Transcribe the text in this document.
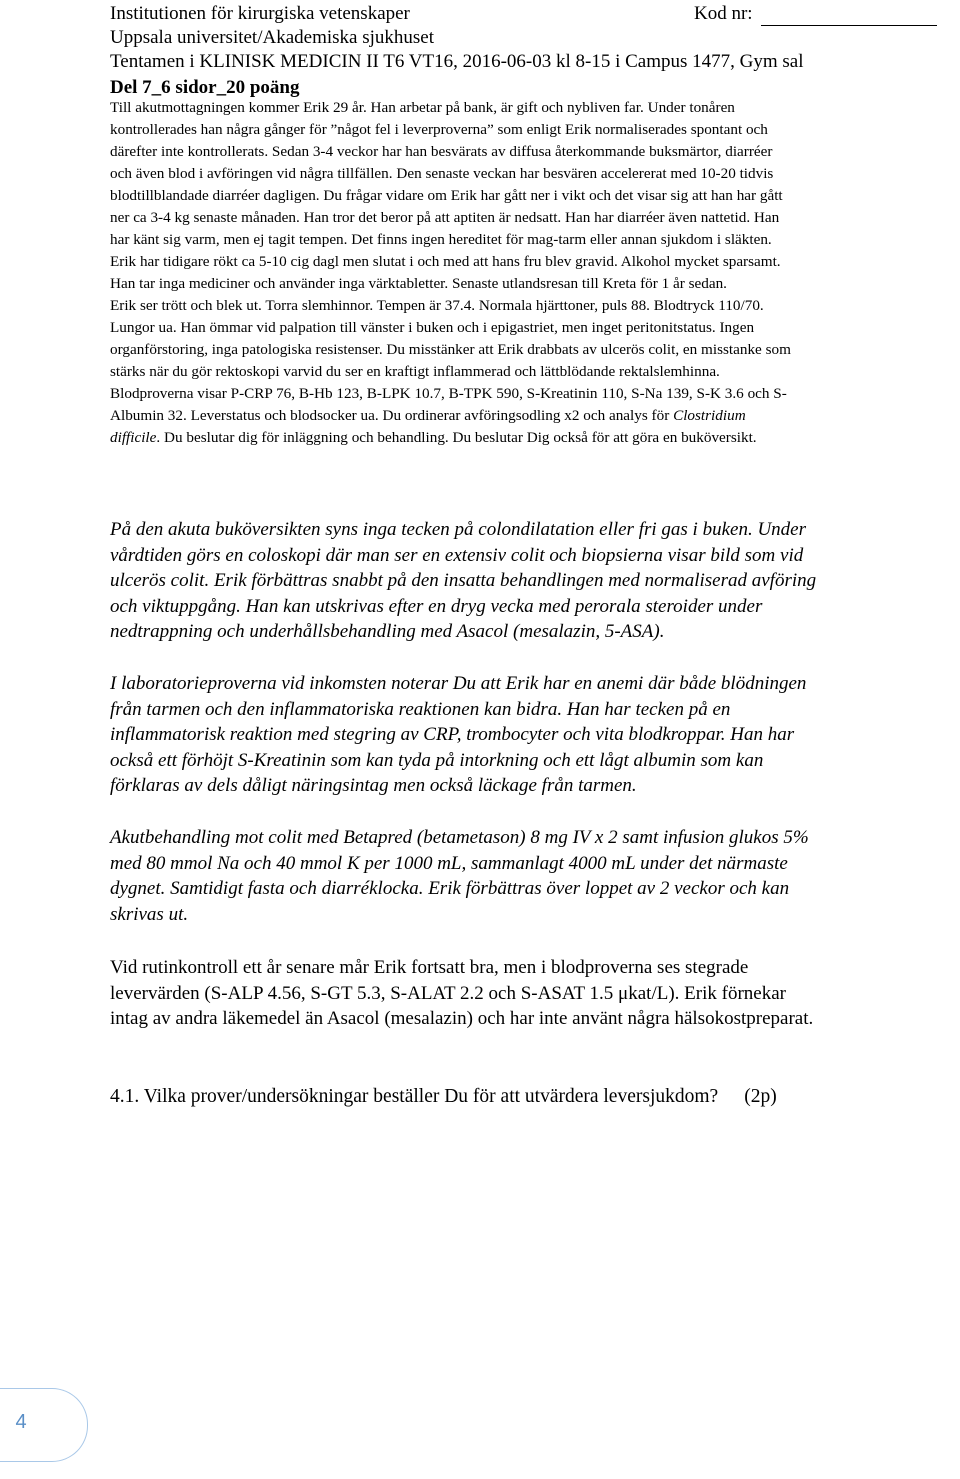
Institutionen för kirurgiska vetenskaper	Kod nr:
Uppsala universitet/Akademiska sjukhuset
Tentamen i KLINISK MEDICIN II T6 VT16, 2016-06-03 kl 8-15 i Campus 1477, Gym sal
Del 7_6 sidor_20 poäng

Till akutmottagningen kommer Erik 29 år. Han arbetar på bank, är gift och nybliven far. Under tonåren

kontrollerades han några gånger för ”något fel i leverproverna” som enligt Erik normaliserades spontant och

därefter inte kontrollerats. Sedan 3-4 veckor har han besvärats av diffusa återkommande buksmärtor, diarréer

och även blod i avföringen vid några tillfällen. Den senaste veckan har besvären accelererat med 10-20 tidvis

blodtillblandade diarréer dagligen. Du frågar vidare om Erik har gått ner i vikt och det visar sig att han har gått

ner ca 3-4 kg senaste månaden. Han tror det beror på att aptiten är nedsatt. Han har diarréer även nattetid. Han

har känt sig varm, men ej tagit tempen. Det finns ingen hereditet för mag-tarm eller annan sjukdom i släkten.

Erik har tidigare rökt ca 5-10 cig dagl men slutat i och med att hans fru blev gravid. Alkohol mycket sparsamt.

Han tar inga mediciner och använder inga värktabletter. Senaste utlandsresan till Kreta för 1 år sedan.

Erik ser trött och blek ut. Torra slemhinnor. Tempen är 37.4. Normala hjärttoner, puls 88. Blodtryck 110/70.

Lungor ua. Han ömmar vid palpation till vänster i buken och i epigastriet, men inget peritonitstatus. Ingen

organförstoring, inga patologiska resistenser. Du misstänker att Erik drabbats av ulcerös colit, en misstanke som

stärks när du gör rektoskopi varvid du ser en kraftigt inflammerad och lättblödande rektalslemhinna.

Blodproverna visar P-CRP 76, B-Hb 123, B-LPK 10.7, B-TPK 590, S-Kreatinin 110, S-Na 139, S-K 3.6 och S-

Albumin 32. Leverstatus och blodsocker ua. Du ordinerar avföringsodling x2 och analys för Clostridium

difficile. Du beslutar dig för inläggning och behandling. Du beslutar Dig också för att göra en buköversikt.

På den akuta buköversikten syns inga tecken på colondilatation eller fri gas i buken. Under

vårdtiden görs en coloskopi där man ser en extensiv colit och biopsierna visar bild som vid

ulcerös colit. Erik förbättras snabbt på den insatta behandlingen med normaliserad avföring

och viktuppgång. Han kan utskrivas efter en dryg vecka med perorala steroider under

nedtrappning och underhållsbehandling med Asacol (mesalazin, 5-ASA).

I laboratorieproverna vid inkomsten noterar Du att Erik har en anemi där både blödningen

från tarmen och den inflammatoriska reaktionen kan bidra. Han har tecken på en

inflammatorisk reaktion med stegring av CRP, trombocyter och vita blodkroppar. Han har

också ett förhöjt S-Kreatinin som kan tyda på intorkning och ett lågt albumin som kan

förklaras av dels dåligt näringsintag men också läckage från tarmen.

Akutbehandling mot colit med Betapred (betametason) 8 mg IV x 2 samt infusion glukos 5%

med 80 mmol Na och 40 mmol K per 1000 mL, sammanlagt 4000 mL under det närmaste

dygnet. Samtidigt fasta och diarréklocka. Erik förbättras över loppet av 2 veckor och kan

skrivas ut.

Vid rutinkontroll ett år senare mår Erik fortsatt bra, men i blodproverna ses stegrade

levervärden (S-ALP 4.56, S-GT 5.3, S-ALAT 2.2 och S-ASAT 1.5 μkat/L). Erik förnekar

intag av andra läkemedel än Asacol (mesalazin) och har inte använt några hälsokostpreparat.

4.1. Vilka prover/undersökningar beställer Du för att utvärdera leversjukdom? (2p)
4
